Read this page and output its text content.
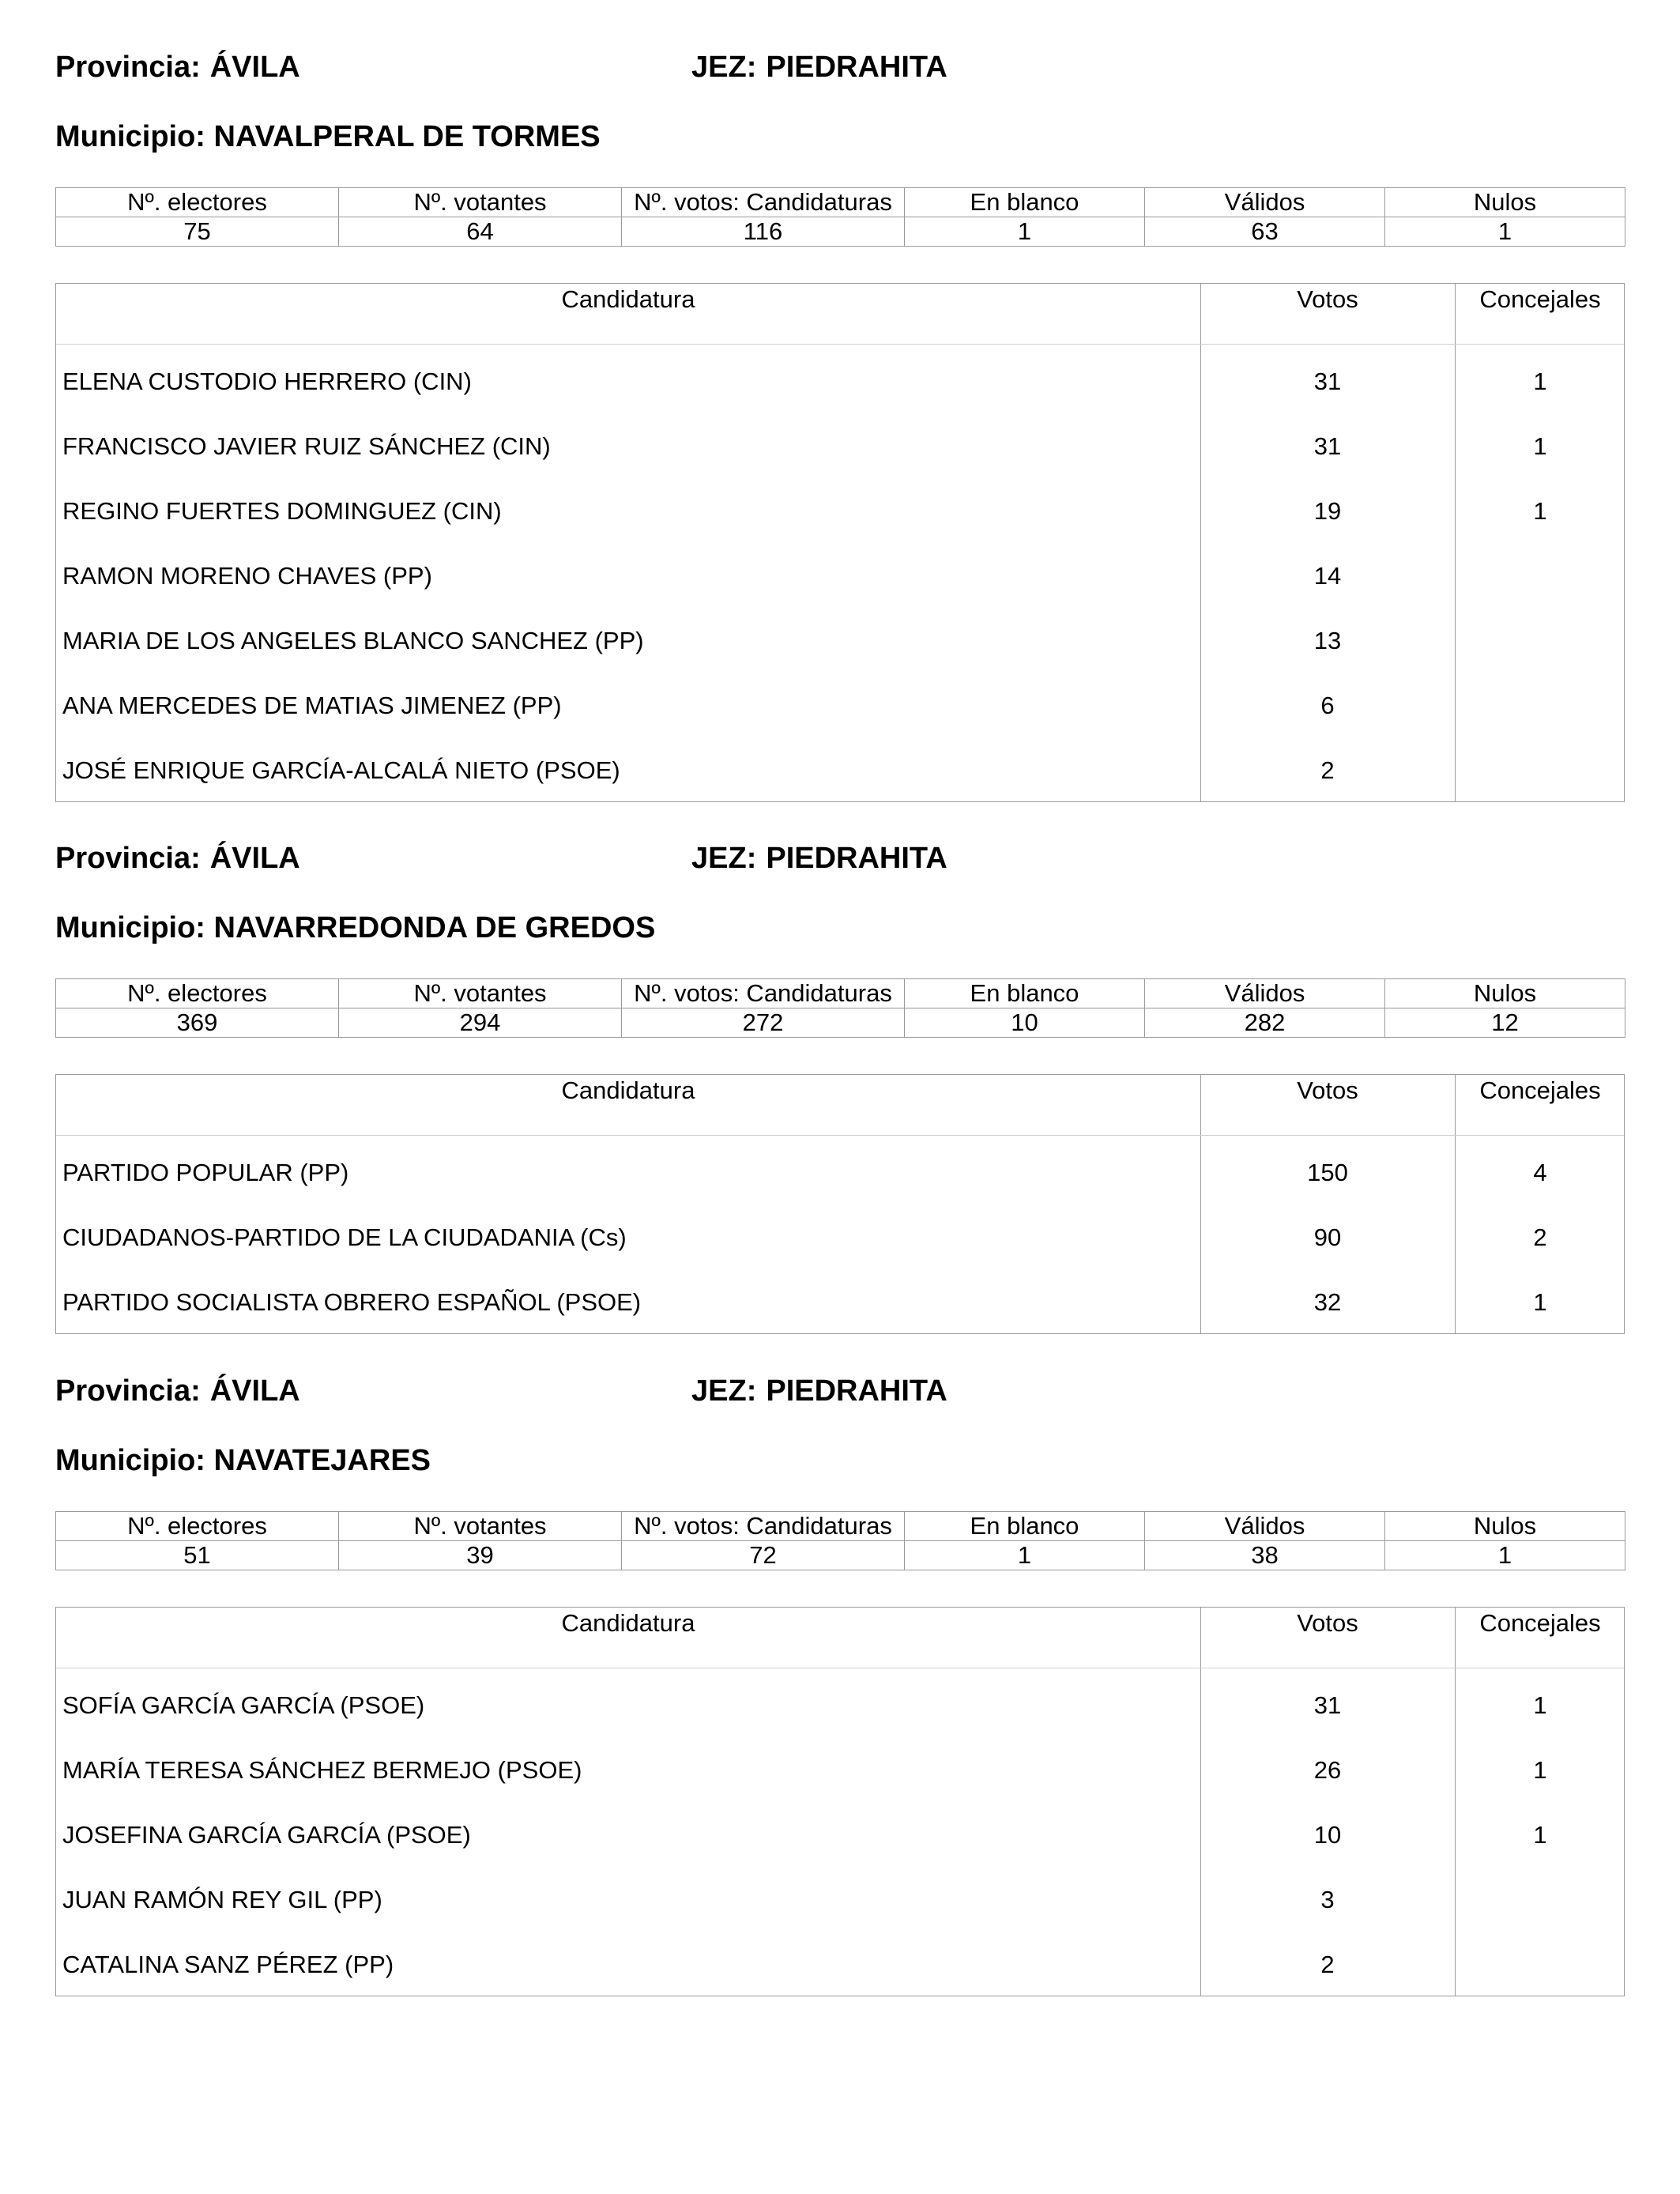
Provincia: ÁVILA	JEZ: PIEDRAHITA
Municipio: NAVALPERAL DE TORMES
Nº. electores	Nº. votantes	Nº. votos: Candidaturas	En blanco	Válidos	Nulos
75	64	116	1	63	1
Candidatura	Votos	Concejales
ELENA CUSTODIO HERRERO (CIN)	31	1
FRANCISCO JAVIER RUIZ SÁNCHEZ (CIN)	31	1
REGINO FUERTES DOMINGUEZ (CIN)	19	1
RAMON MORENO CHAVES (PP)	14
MARIA DE LOS ANGELES BLANCO SANCHEZ (PP)	13
ANA MERCEDES DE MATIAS JIMENEZ (PP)	6
JOSÉ ENRIQUE GARCÍA-ALCALÁ NIETO (PSOE)	2
Provincia: ÁVILA	JEZ: PIEDRAHITA
Municipio: NAVARREDONDA DE GREDOS
Nº. electores	Nº. votantes	Nº. votos: Candidaturas	En blanco	Válidos	Nulos
369	294	272	10	282	12
Candidatura	Votos	Concejales
PARTIDO POPULAR (PP)	150	4
CIUDADANOS-PARTIDO DE LA CIUDADANIA (Cs)	90	2
PARTIDO SOCIALISTA OBRERO ESPAÑOL (PSOE)	32	1
Provincia: ÁVILA	JEZ: PIEDRAHITA
Municipio: NAVATEJARES
Nº. electores	Nº. votantes	Nº. votos: Candidaturas	En blanco	Válidos	Nulos
51	39	72	1	38	1
Candidatura	Votos	Concejales
SOFÍA GARCÍA GARCÍA (PSOE)	31	1
MARÍA TERESA SÁNCHEZ BERMEJO (PSOE)	26	1
JOSEFINA GARCÍA GARCÍA (PSOE)	10	1
JUAN RAMÓN REY GIL (PP)	3
CATALINA SANZ PÉREZ (PP)	2
